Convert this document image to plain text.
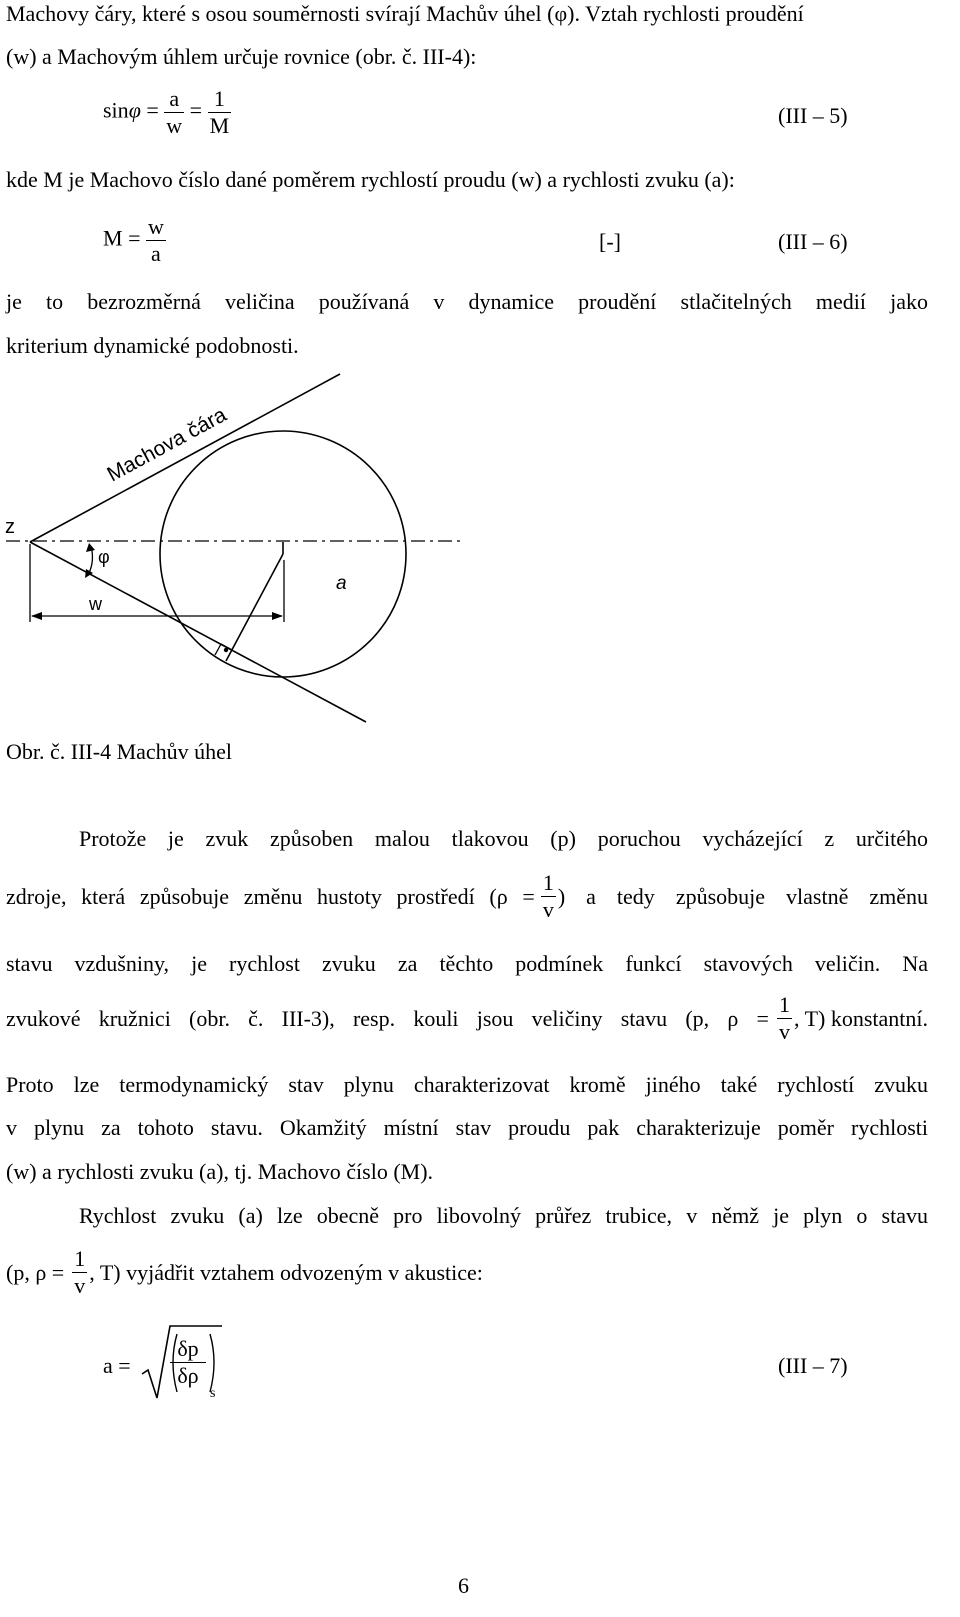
Machovy čáry, které s osou souměrnosti svírají Machův úhel (φ). Vztah rychlosti proudění
(w) a Machovým úhlem určuje rovnice (obr. č. III-4):
$\sin\varphi = \frac{a}{w} = \frac{1}{M}$	(III – 5)
kde M je Machovo číslo dané poměrem rychlostí proudu (w) a rychlosti zvuku (a):
$M = \frac{w}{a}$	[-]	(III – 6)
je to bezrozměrná veličina používaná v dynamice proudění stlačitelných medií jako
kriterium dynamické podobnosti.
Machova čára
z
φ
w
a
Obr. č. III-4 Machův úhel
Protože je zvuk způsoben malou tlakovou (p) poruchou vycházející z určitého
zdroje, která způsobuje změnu hustoty prostředí ($\rho = \frac{1}{v}$ ) a tedy způsobuje vlastně změnu
stavu vzdušniny, je rychlost zvuku za těchto podmínek funkcí stavových veličin. Na
zvukové kružnici (obr. č. III-3), resp. kouli jsou veličiny stavu (p, $\rho = \frac{1}{v}$ , T) konstantní.
Proto lze termodynamický stav plynu charakterizovat kromě jiného také rychlostí zvuku
v plynu za tohoto stavu. Okamžitý místní stav proudu pak charakterizuje poměr rychlosti
(w) a rychlosti zvuku (a), tj. Machovo číslo (M).
Rychlost zvuku (a) lze obecně pro libovolný průřez trubice, v němž je plyn o stavu
(p, $\rho = \frac{1}{v}$ , T) vyjádřit vztahem odvozeným v akustice:
$a = \frac{\delta p}{\delta\rho}$
s
(III – 7)
6
